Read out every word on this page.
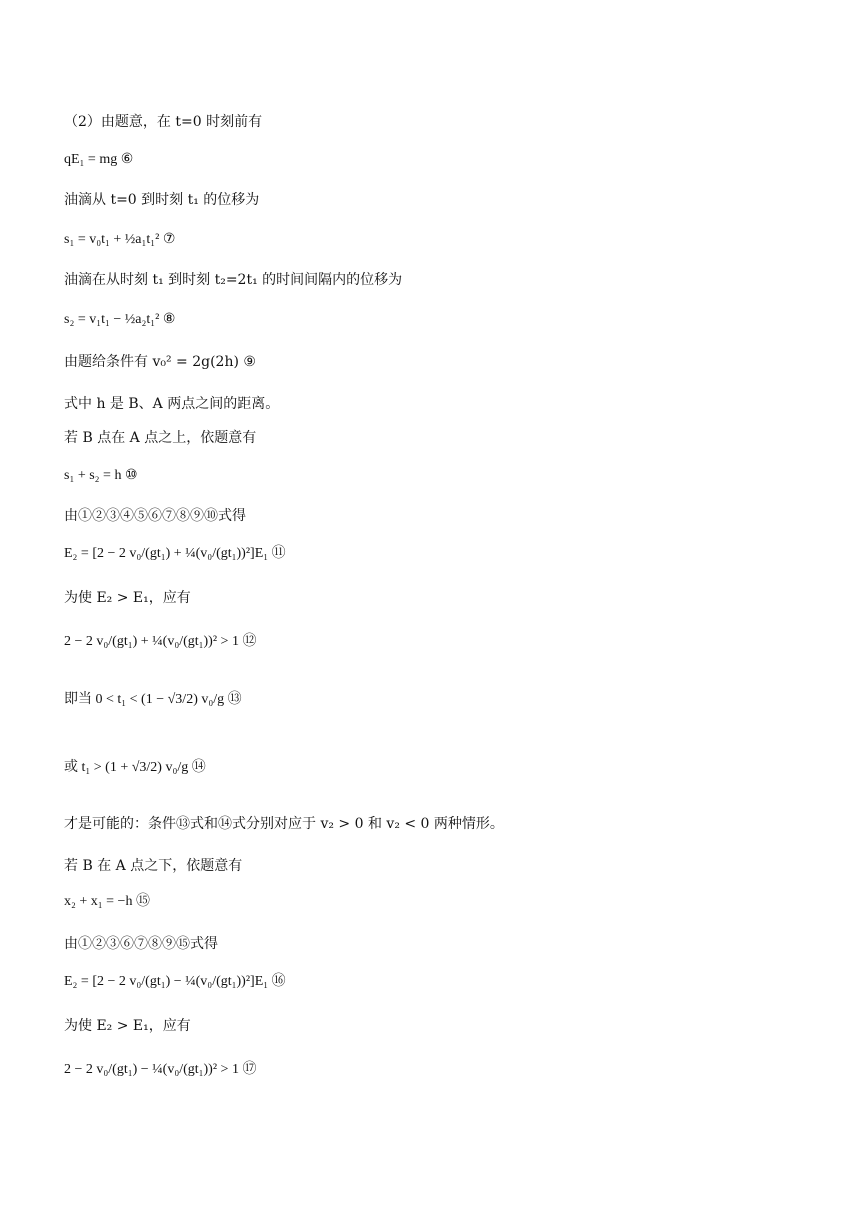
（2）由题意，在 t=0 时刻前有
qE₁ = mg ⑥
油滴从 t=0 到时刻 t₁ 的位移为
s₁ = v₀t₁ + ½a₁t₁² ⑦
油滴在从时刻 t₁ 到时刻 t₂=2t₁ 的时间间隔内的位移为
s₂ = v₁t₁ − ½a₂t₁² ⑧
由题给条件有 v₀² = 2g(2h) ⑨
式中 h 是 B、A 两点之间的距离。
若 B 点在 A 点之上，依题意有
s₁ + s₂ = h ⑩
由①②③④⑤⑥⑦⑧⑨⑩式得
E₂ = [2 − 2 v₀/(gt₁) + ¼(v₀/(gt₁))²]E₁ ⑪
为使 E₂ > E₁，应有
2 − 2 v₀/(gt₁) + ¼(v₀/(gt₁))² > 1 ⑫
即当 0 < t₁ < (1 − √3/2) v₀/g ⑬
或 t₁ > (1 + √3/2) v₀/g ⑭
才是可能的：条件⑬式和⑭式分别对应于 v₂ > 0 和 v₂ < 0 两种情形。
若 B 在 A 点之下，依题意有
x₂ + x₁ = −h ⑮
由①②③⑥⑦⑧⑨⑮式得
E₂ = [2 − 2 v₀/(gt₁) − ¼(v₀/(gt₁))²]E₁ ⑯
为使 E₂ > E₁，应有
2 − 2 v₀/(gt₁) − ¼(v₀/(gt₁))² > 1 ⑰
